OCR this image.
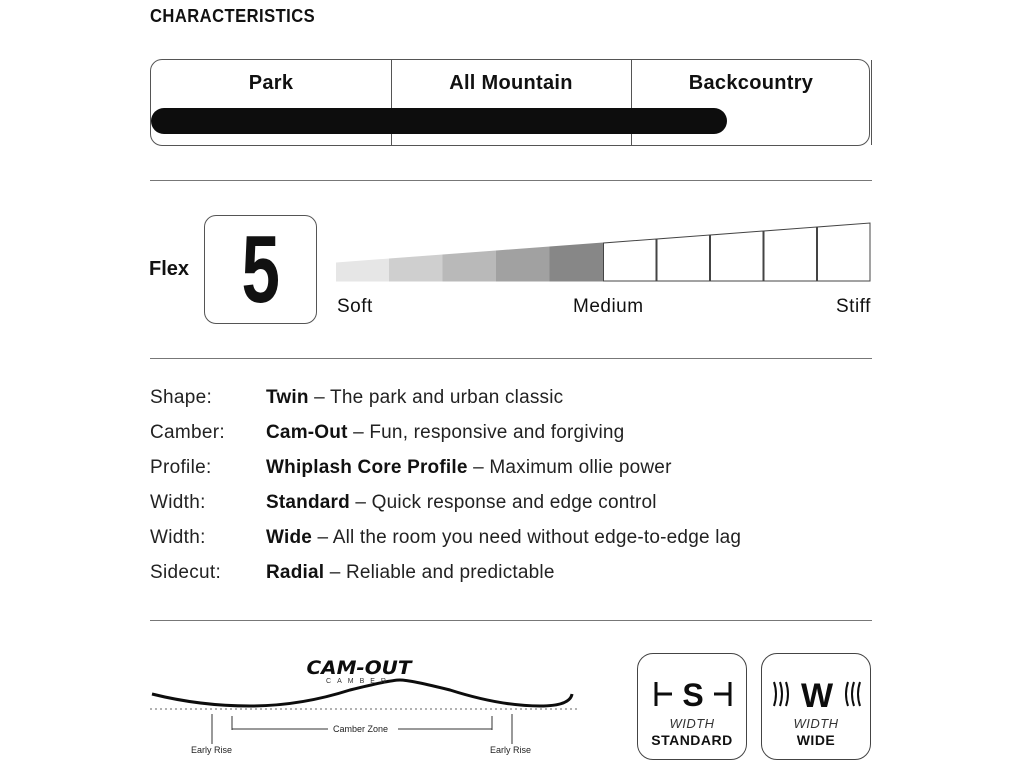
CHARACTERISTICS
Park	All Mountain	Backcountry
Flex 5	Soft	Medium	Stiff
Shape:	Twin – The park and urban classic
Camber: Cam-Out – Fun, responsive and forgiving
Profile:	Whiplash Core Profile – Maximum ollie power
Width:	Standard – Quick response and edge control
Width:	Wide – All the room you need without edge-to-edge lag
Sidecut: Radial – Reliable and predictable
CAM-OUT
CAMBER
Camber Zone
Early Rise	Early Rise
S
WIDTH
STANDARD
W
WIDTH
WIDE
